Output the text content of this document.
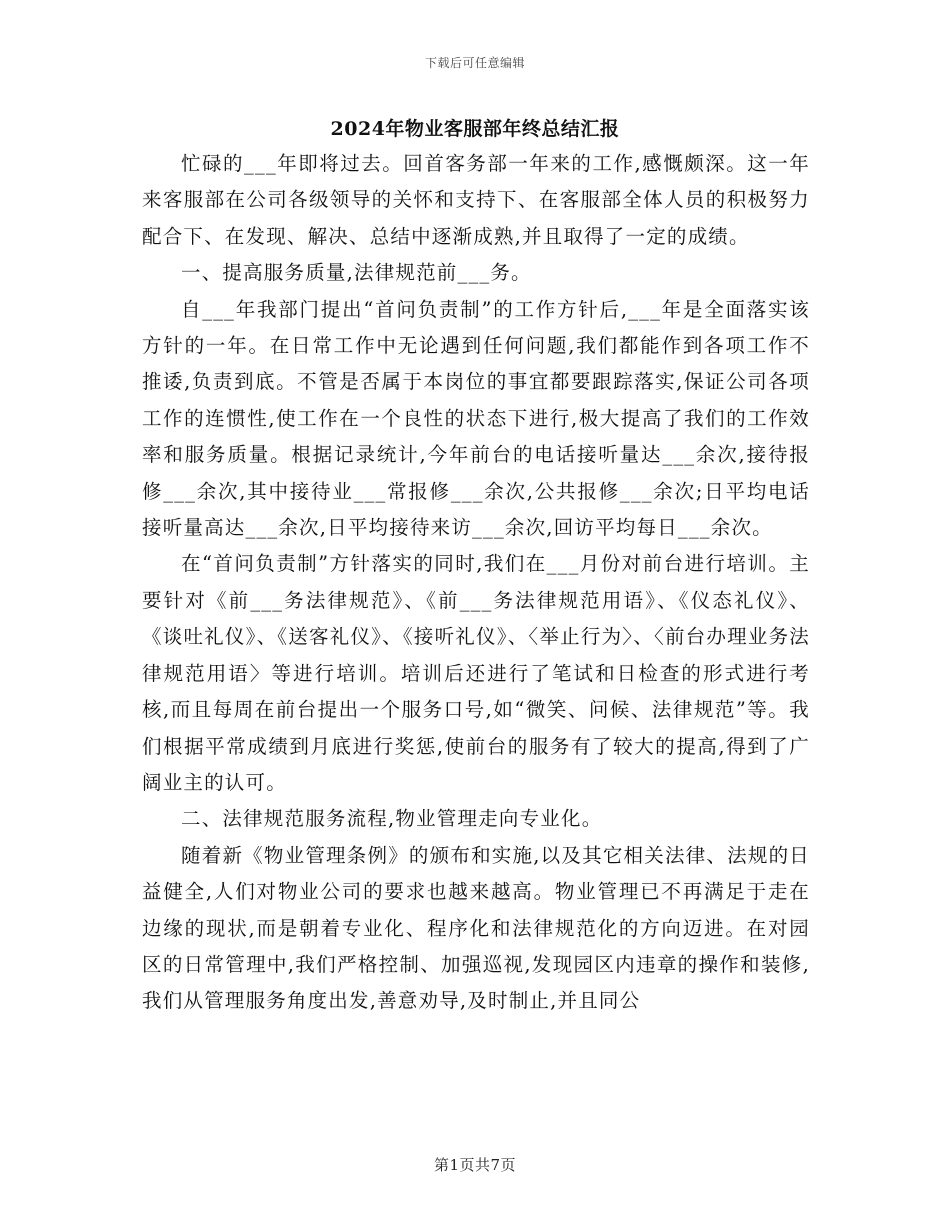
下载后可任意编辑
2024年物业客服部年终总结汇报

忙碌的___年即将过去。回首客务部一年来的工作,感慨颇深。这一年来客服部在公司各级领导的关怀和支持下、在客服部全体人员的积极努力配合下、在发现、解决、总结中逐渐成熟,并且取得了一定的成绩。

一、提高服务质量,法律规范前___务。

自___年我部门提出“首问负责制”的工作方针后,___年是全面落实该方针的一年。在日常工作中无论遇到任何问题,我们都能作到各项工作不推诿,负责到底。不管是否属于本岗位的事宜都要跟踪落实,保证公司各项工作的连惯性,使工作在一个良性的状态下进行,极大提高了我们的工作效率和服务质量。根据记录统计,今年前台的电话接听量达___余次,接待报修___余次,其中接待业___常报修___余次,公共报修___余次;日平均电话接听量高达___余次,日平均接待来访___余次,回访平均每日___余次。

在“首问负责制”方针落实的同时,我们在___月份对前台进行培训。主要针对《前___务法律规范》、《前___务法律规范用语》、《仪态礼仪》、《谈吐礼仪》、《送客礼仪》、《接听礼仪》、〈举止行为〉、〈前台办理业务法律规范用语〉等进行培训。培训后还进行了笔试和日检查的形式进行考核,而且每周在前台提出一个服务口号,如“微笑、问候、法律规范”等。我们根据平常成绩到月底进行奖惩,使前台的服务有了较大的提高,得到了广阔业主的认可。

二、法律规范服务流程,物业管理走向专业化。

随着新《物业管理条例》的颁布和实施,以及其它相关法律、法规的日益健全,人们对物业公司的要求也越来越高。物业管理已不再满足于走在边缘的现状,而是朝着专业化、程序化和法律规范化的方向迈进。在对园区的日常管理中,我们严格控制、加强巡视,发现园区内违章的操作和装修,我们从管理服务角度出发,善意劝导,及时制止,并且同公

第1页共7页
